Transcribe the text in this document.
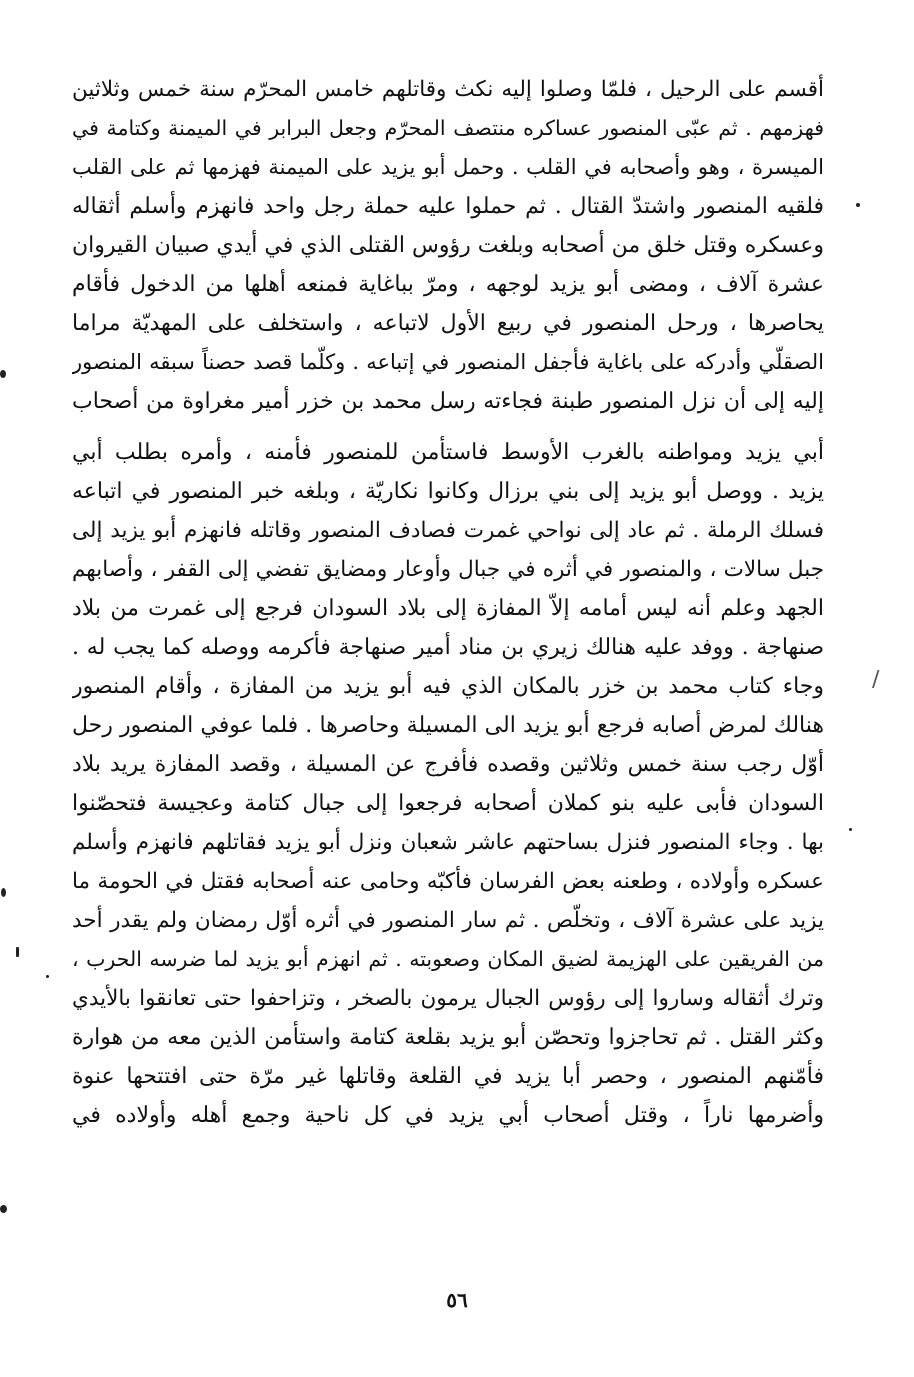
أقسم على الرحيل ، فلمّا وصلوا إليه نكث وقاتلهم خامس المحرّم سنة خمس وثلاثين
فهزمهم . ثم عبّى المنصور عساكره منتصف المحرّم وجعل البرابر في الميمنة وكتامة في
الميسرة ، وهو وأصحابه في القلب . وحمل أبو يزيد على الميمنة فهزمها ثم على القلب
فلقيه المنصور واشتدّ القتال . ثم حملوا عليه حملة رجل واحد فانهزم وأسلم أثقاله
وعسكره وقتل خلق من أصحابه وبلغت رؤوس القتلى الذي في أيدي صبيان القيروان
عشرة آلاف ، ومضى أبو يزيد لوجهه ، ومرّ بباغاية فمنعه أهلها من الدخول فأقام
يحاصرها ، ورحل المنصور في ربيع الأول لاتباعه ، واستخلف على المهديّة مراما
الصقلّي وأدركه على باغاية فأجفل المنصور في إتباعه . وكلّما قصد حصناً سبقه المنصور
إليه إلى أن نزل المنصور طبنة فجاءته رسل محمد بن خزر أمير مغراوة من أصحاب
أبي يزيد ومواطنه بالغرب الأوسط فاستأمن للمنصور فأمنه ، وأمره بطلب أبي
يزيد . ووصل أبو يزيد إلى بني برزال وكانوا نكاريّة ، وبلغه خبر المنصور في اتباعه
فسلك الرملة . ثم عاد إلى نواحي غمرت فصادف المنصور وقاتله فانهزم أبو يزيد إلى
جبل سالات ، والمنصور في أثره في جبال وأوعار ومضايق تفضي إلى القفر ، وأصابهم
الجهد وعلم أنه ليس أمامه إلاّ المفازة إلى بلاد السودان فرجع إلى غمرت من بلاد
صنهاجة . ووفد عليه هنالك زيري بن مناد أمير صنهاجة فأكرمه ووصله كما يجب له .
وجاء كتاب محمد بن خزر بالمكان الذي فيه أبو يزيد من المفازة ، وأقام المنصور
هنالك لمرض أصابه فرجع أبو يزيد الى المسيلة وحاصرها . فلما عوفي المنصور رحل
أوّل رجب سنة خمس وثلاثين وقصده فأفرج عن المسيلة ، وقصد المفازة يريد بلاد
السودان فأبى عليه بنو كملان أصحابه فرجعوا إلى جبال كتامة وعجيسة فتحصّنوا
بها . وجاء المنصور فنزل بساحتهم عاشر شعبان ونزل أبو يزيد فقاتلهم فانهزم وأسلم
عسكره وأولاده ، وطعنه بعض الفرسان فأكبّه وحامى عنه أصحابه فقتل في الحومة ما
يزيد على عشرة آلاف ، وتخلّص . ثم سار المنصور في أثره أوّل رمضان ولم يقدر أحد
من الفريقين على الهزيمة لضيق المكان وصعوبته . ثم انهزم أبو يزيد لما ضرسه الحرب ،
وترك أثقاله وساروا إلى رؤوس الجبال يرمون بالصخر ، وتزاحفوا حتى تعانقوا بالأيدي
وكثر القتل . ثم تحاجزوا وتحصّن أبو يزيد بقلعة كتامة واستأمن الذين معه من هوارة
فأمّنهم المنصور ، وحصر أبا يزيد في القلعة وقاتلها غير مرّة حتى افتتحها عنوة
وأضرمها ناراً ، وقتل أصحاب أبي يزيد في كل ناحية وجمع أهله وأولاده في
٥٦
∕
